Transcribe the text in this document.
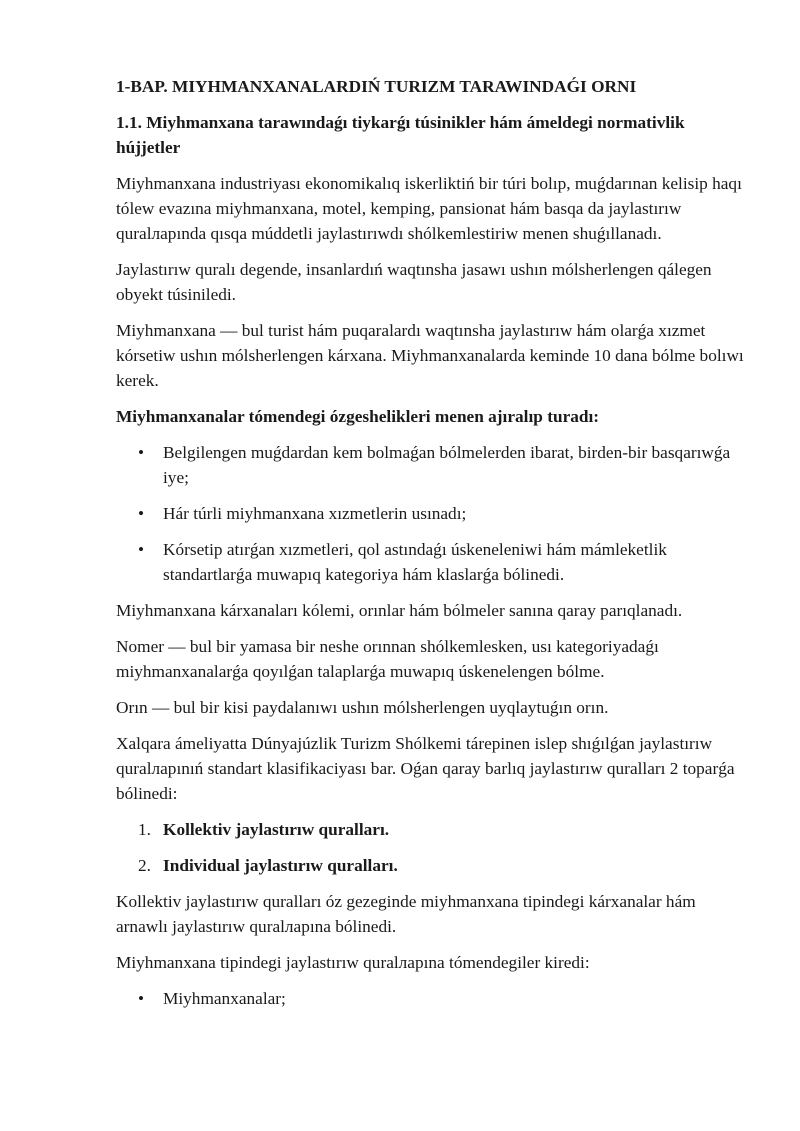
1-BAP. MIYHMANXANALARDIŃ TURIZM TARAWINDAǴI ORNI
1.1. Miyhmanxana tarawındaǵı tiykarǵı túsinikler hám ámeldegi normativlik hújjetler

Miyhmanxana industriyası ekonomikalıq iskerliktiń bir túri bolıp, muǵdarınan kelisip haqı tólew evazına miyhmanxana, motel, kemping, pansionat hám basqa da jaylastırıw quralларında qısqa múddetli jaylastırıwdı shólkemlestiriw menen shuǵıllanadı.

Jaylastırıw quralı degende, insanlardıń waqtınsha jasawı ushın mólsherlengen qálegen obyekt túsiniledi.

Miyhmanxana — bul turist hám puqaralardı waqtınsha jaylastırıw hám olarǵa xızmet kórsetiw ushın mólsherlengen kárxana. Miyhmanxanalarda keminde 10 dana bólme bolıwı kerek.

Miyhmanxanalar tómendegi ózgeshelikleri menen ajıralıp turadı:

• Belgilengen muǵdardan kem bolmaǵan bólmelerden ibarat, birden-bir basqarıwǵa iye;
• Hár túrli miyhmanxana xızmetlerin usınadı;
• Kórsetip atırǵan xızmetleri, qol astındaǵı úskeneleniwi hám mámleketlik standartlarǵa muwapıq kategoriya hám klaslarǵa bólinedi.

Miyhmanxana kárxanaları kólemi, orınlar hám bólmeler sanına qaray parıqlanadı.

Nomer — bul bir yamasa bir neshe orınnan shólkemlesken, usı kategoriyadaǵı miyhmanxanalarǵa qoyılǵan talaplarǵa muwapıq úskenelengen bólme.

Orın — bul bir kisi paydalanıwı ushın mólsherlengen uyqlaytuǵın orın.

Xalqara ámeliyatta Dúnyajúzlik Turizm Shólkemi tárepinen islep shıǵılǵan jaylastırıw quralларınıń standart klasifikaciyası bar. Oǵan qaray barlıq jaylastırıw quralları 2 toparǵa bólinedi:

1. Kollektiv jaylastırıw quralları.
2. Individual jaylastırıw quralları.

Kollektiv jaylastırıw quralları óz gezeginde miyhmanxana tipindegi kárxanalar hám arnawlı jaylastırıw quralларına bólinedi.

Miyhmanxana tipindegi jaylastırıw quralларına tómendegiler kiredi:

• Miyhmanxanalar;
